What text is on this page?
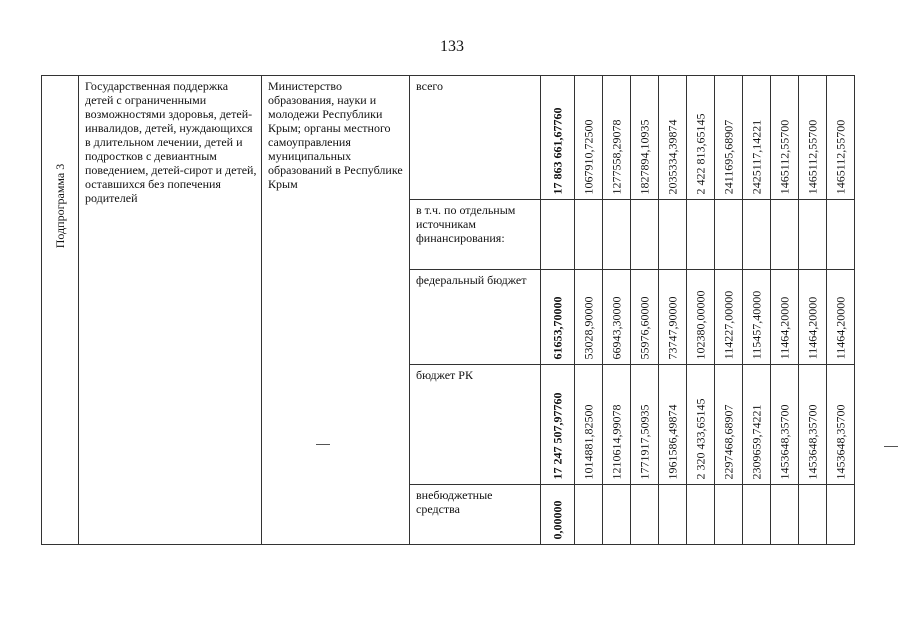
133
Подпрограмма 3	Государственная поддержка детей с ограниченными возможностями здоровья, детей-инвалидов, детей, нуждающихся в длительном лечении, детей и подростков с девиантным поведением, детей-сирот и детей, оставшихся без попечения родителей	Министерство образования, науки и молодежи Республики Крым; органы местного самоуправления муниципальных образований в Республике Крым	всего	17 863 661,67760	1067910,72500	1277558,29078	1827894,10935	2035334,39874	2 422 813,65145	2411695,68907	2425117,14221	1465112,55700	1465112,55700	1465112,55700

			в т.ч. по отдельным источникам финансирования:											

			федеральный бюджет	61653,70000	53028,90000	66943,30000	55976,60000	73747,90000	102380,00000	114227,00000	115457,40000	11464,20000	11464,20000	11464,20000

			бюджет РК	17 247 507,97760	1014881,82500	1210614,99078	1771917,50935	1961586,49874	2 320 433,65145	2297468,68907	2309659,74221	1453648,35700	1453648,35700	1453648,35700

			внебюджетные средства	0,00000										
